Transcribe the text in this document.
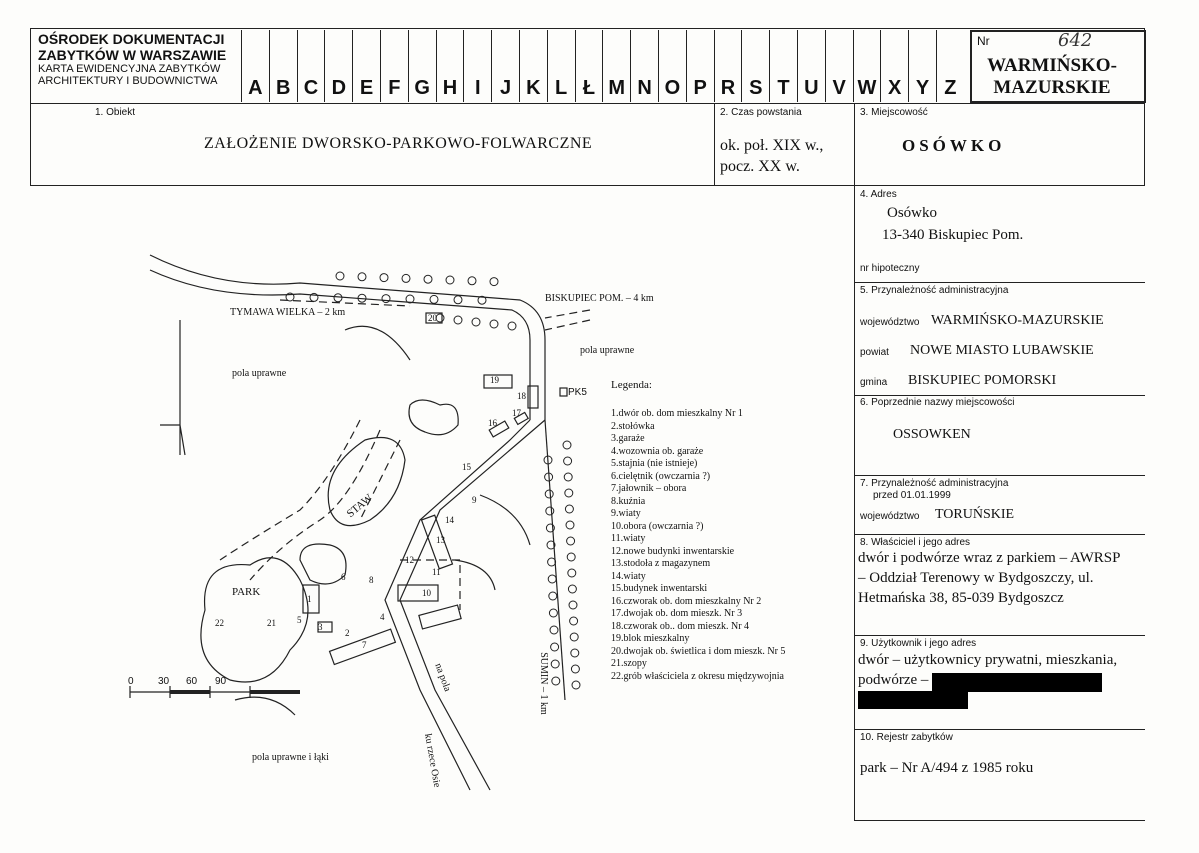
OŚRODEK DOKUMENTACJI
ZABYTKÓW W WARSZAWIE
KARTA EWIDENCYJNA ZABYTKÓW
ARCHITEKTURY I BUDOWNICTWA	A B C D E F G H I J K L Ł M N O P R S T U V W X Y Z
Nr	642
WARMIŃSKO-
MAZURSKIE
1. Obiekt
ZAŁOŻENIE DWORSKO-PARKOWO-FOLWARCZNE
2. Czas powstania
ok. poł. XIX w.,
pocz. XX w.
3. Miejscowość
OSÓWKO
4. Adres
Osówko
13-340 Biskupiec Pom.
nr hipoteczny
5. Przynależność administracyjna
województwo WARMIŃSKO-MAZURSKIE
powiat NOWE MIASTO LUBAWSKIE
gmina BISKUPIEC POMORSKI
6. Poprzednie nazwy miejscowości
OSSOWKEN
7. Przynależność administracyjna
przed 01.01.1999
województwo TORUŃSKIE
8. Właściciel i jego adres
dwór i podwórze wraz z parkiem – AWRSP
– Oddział Terenowy w Bydgoszczy, ul.
Hetmańska 38, 85-039 Bydgoszcz
9. Użytkownik i jego adres
dwór – użytkownicy prywatni, mieszkania,
podwórze –
10. Rejestr zabytków
park – Nr A/494 z 1985 roku
TYMAWA WIELKA – 2 km
BISKUPIEC POM. – 4 km
pola uprawne
pola uprawne
pola uprawne i łąki
PARK
STAW
PK5
SUMIN – 1 km
na pola
ku rzece Osie
0 30 60 90
20
19
18
16
17
12
13
14
15
9
10
8
6
4
7
5
3
2
1
11
21
22
Legenda:
1.dwór ob. dom mieszkalny Nr 1
2.stołówka
3.garaże
4.wozownia ob. garaże
5.stajnia (nie istnieje)
6.cielętnik (owczarnia ?)
7.jałownik – obora
8.kuźnia
9.wiaty
10.obora (owczarnia ?)
11.wiaty
12.nowe budynki inwentarskie
13.stodoła z magazynem
14.wiaty
15.budynek inwentarski
16.czworak ob. dom mieszkalny Nr 2
17.dwojak ob. dom mieszk. Nr 3
18.czworak ob.. dom mieszk. Nr 4
19.blok mieszkalny
20.dwojak ob. świetlica i dom mieszk. Nr 5
21.szopy
22.grób właściciela z okresu międzywojnia
